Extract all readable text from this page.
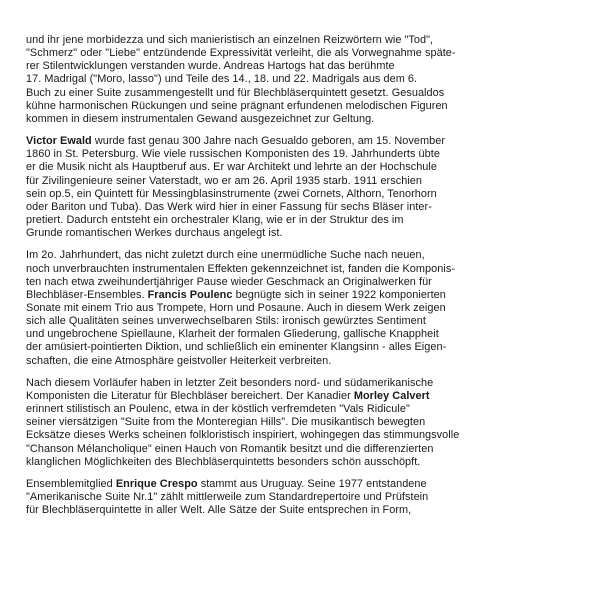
und ihr jene morbidezza und sich manieristisch an einzelnen Reizwörtern wie "Tod",
"Schmerz" oder "Liebe" entzündende Expressivität verleiht, die als Vorwegnahme späte-
rer Stilentwicklungen verstanden wurde. Andreas Hartogs hat das berühmte
17. Madrigal ("Moro, lasso") und Teile des 14., 18. und 22. Madrigals aus dem 6.
Buch zu einer Suite zusammengestellt und für Blechbläserquintett gesetzt. Gesualdos
kühne harmonischen Rückungen und seine prägnant erfundenen melodischen Figuren
kommen in diesem instrumentalen Gewand ausgezeichnet zur Geltung.
Victor Ewald wurde fast genau 300 Jahre nach Gesualdo geboren, am 15. November
1860 in St. Petersburg. Wie viele russischen Komponisten des 19. Jahrhunderts übte
er die Musik nicht als Hauptberuf aus. Er war Architekt und lehrte an der Hochschule
für Zivilingenieure seiner Vaterstadt, wo er am 26. April 1935 starb. 1911 erschien
sein op.5, ein Quintett für Messingblasinstrumente (zwei Cornets, Althorn, Tenorhorn
oder Bariton und Tuba). Das Werk wird hier in einer Fassung für sechs Bläser inter-
pretiert. Dadurch entsteht ein orchestraler Klang, wie er in der Struktur des im
Grunde romantischen Werkes durchaus angelegt ist.
Im 2o. Jahrhundert, das nicht zuletzt durch eine unermüdliche Suche nach neuen,
noch unverbrauchten instrumentalen Effekten gekennzeichnet ist, fanden die Komponis-
ten nach etwa zweihundertjähriger Pause wieder Geschmack an Originalwerken für
Blechbläser-Ensembles. Francis Poulenc begnügte sich in seiner 1922 komponierten
Sonate mit einem Trio aus Trompete, Horn und Posaune. Auch in diesem Werk zeigen
sich alle Qualitäten seines unverwechselbaren Stils: ironisch gewürztes Sentiment
und ungebrochene Spiellaune, Klarheit der formalen Gliederung, gallische Knappheit
der amüsiert-pointierten Diktion, und schließlich ein eminenter Klangsinn - alles Eigen-
schaften, die eine Atmosphäre geistvoller Heiterkeit verbreiten.
Nach diesem Vorläufer haben in letzter Zeit besonders nord- und südamerikanische
Komponisten die Literatur für Blechbläser bereichert. Der Kanadier Morley Calvert
erinnert stilistisch an Poulenc, etwa in der köstlich verfremdeten "Vals Ridicule"
seiner viersätzigen "Suite from the Monteregian Hills". Die musikantisch bewegten
Ecksätze dieses Werks scheinen folkloristisch inspiriert, wohingegen das stimmungsvolle
"Chanson Mélancholique" einen Hauch von Romantik besitzt und die differenzierten
klanglichen Möglichkeiten des Blechbläserquintetts besonders schön ausschöpft.
Ensemblemitglied Enrique Crespo stammt aus Uruguay. Seine 1977 entstandene
"Amerikanische Suite Nr.1" zählt mittlerweile zum Standardrepertoire und Prüfstein
für Blechbläserquintette in aller Welt. Alle Sätze der Suite entsprechen in Form,
